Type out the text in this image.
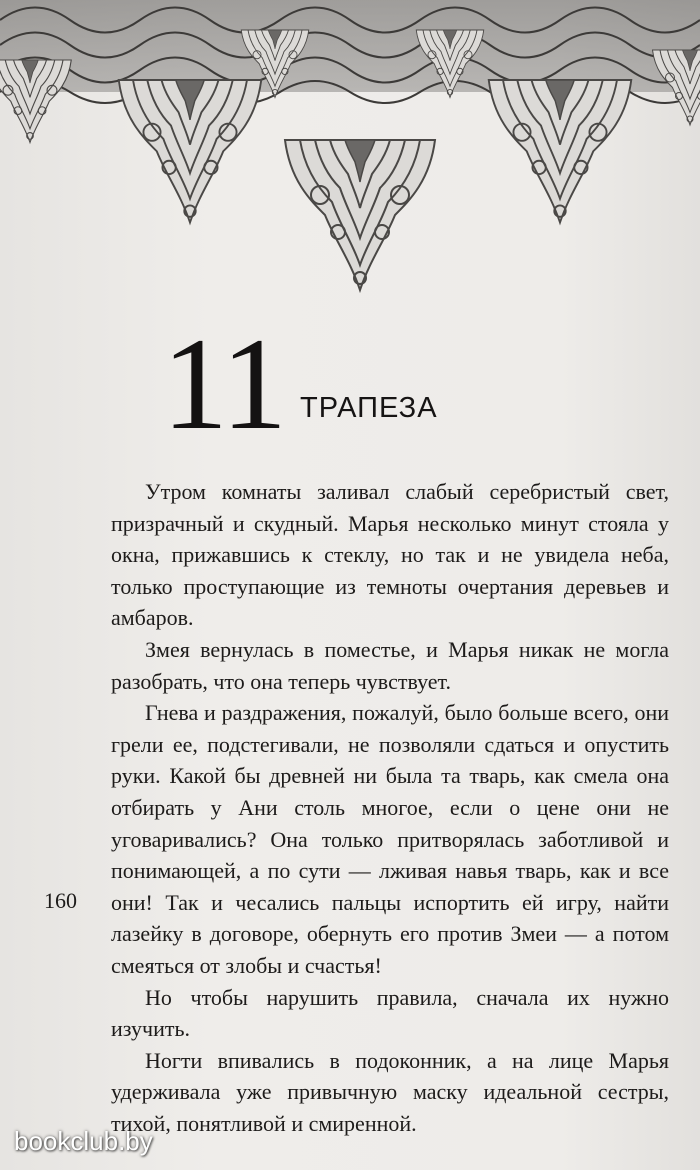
11 ТРАПЕЗА

Утром комнаты заливал слабый серебристый свет, призрачный и скудный. Марья несколько минут стояла у окна, прижавшись к стеклу, но так и не увидела неба, только проступающие из темноты очертания деревьев и амбаров.

Змея вернулась в поместье, и Марья никак не могла разобрать, что она теперь чувствует.

Гнева и раздражения, пожалуй, было больше всего, они грели ее, подстегивали, не позволяли сдаться и опустить руки. Какой бы древней ни была та тварь, как смела она отбирать у Ани столь многое, если о цене они не уговаривались? Она только притворялась заботливой и понимающей, а по сути — лживая навья тварь, как и все они! Так и чесались пальцы испортить ей игру, найти лазейку в договоре, обернуть его против Змеи — а потом смеяться от злобы и счастья!

Но чтобы нарушить правила, сначала их нужно изучить.

Ногти впивались в подоконник, а на лице Марья удерживала уже привычную маску идеальной сестры, тихой, понятливой и смиренной.

160
bookclub.by
